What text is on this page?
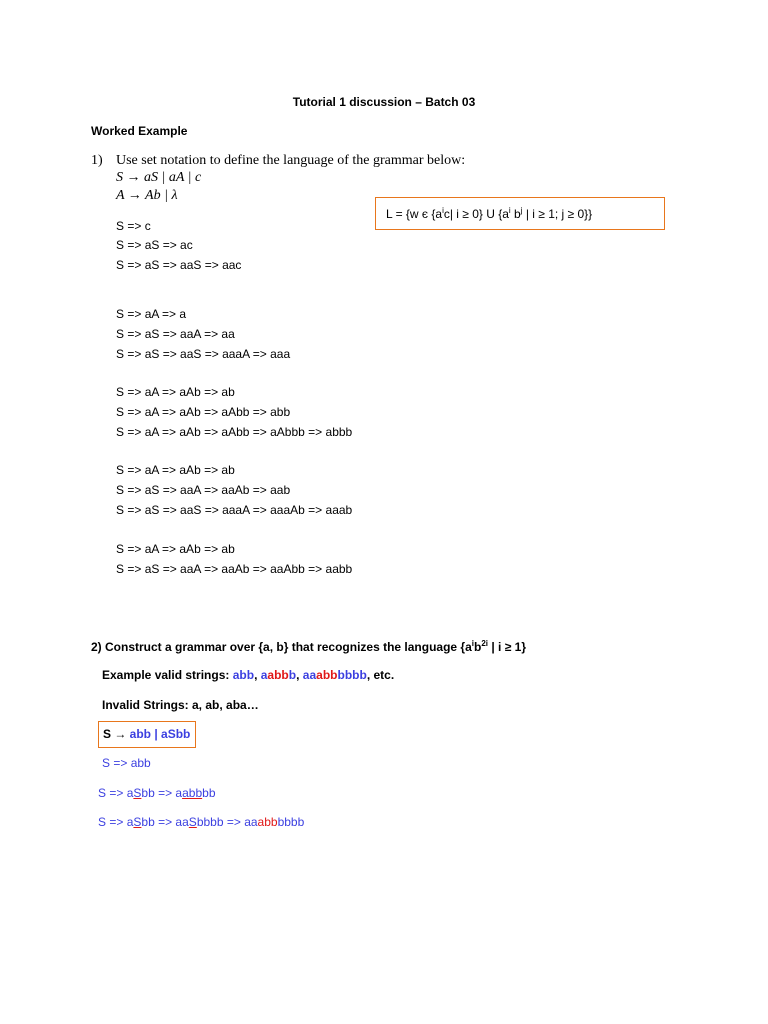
Tutorial 1 discussion – Batch 03
Worked Example
1) Use set notation to define the language of the grammar below:
S → aS | aA | c
A → Ab | λ
L = {w є {$a^ic|$ i ≥ 0} U {$a^i$ $b^j$ | i ≥ 1; j ≥ 0}}
S => c
S => aS => ac
S => aS => aaS => aac
S => aA => a
S => aS => aaA => aa
S => aS => aaS => aaaA => aaa
S => aA => aAb => ab
S => aA => aAb => aAbb => abb
S => aA => aAb => aAbb => aAbbb => abbb
S => aA => aAb => ab
S => aS => aaA => aaAb => aab
S => aS => aaS => aaaA => aaaAb => aaab
S => aA => aAb => ab
S => aS => aaA => aaAb => aaAbb => aabb
2) Construct a grammar over {a, b} that recognizes the language {$a^ib^{2i}$ | i ≥ 1}
Example valid strings: abb, aabbb, aaabbbbbb, etc.
Invalid Strings: a, ab, aba…
S → abb | aSbb
S => abb
S => aSbb => aabbbb
S => aSbb => aaSbbbb => aaabbbbbb
